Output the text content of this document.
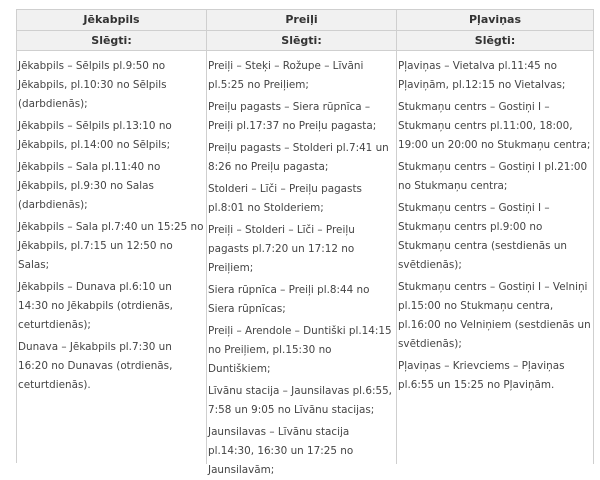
Jēkabpils
Slēgti:

Jēkabpils – Sēlpils pl.9:50 no Jēkabpils, pl.10:30 no Sēlpils (darbdienās);

Jēkabpils – Sēlpils pl.13:10 no Jēkabpils, pl.14:00 no Sēlpils;

Jēkabpils – Sala pl.11:40 no Jēkabpils, pl.9:30 no Salas (darbdienās);

Jēkabpils – Sala pl.7:40 un 15:25 no Jēkabpils, pl.7:15 un 12:50 no Salas;

Jēkabpils – Dunava pl.6:10 un 14:30 no Jēkabpils (otrdienās, ceturtdienās);

Dunava – Jēkabpils pl.7:30 un 16:20 no Dunavas (otrdienās, ceturtdienās).

Preiļi
Slēgti:

Preiļi – Steķi – Rožupe – Līvāni pl.5:25 no Preiļiem;

Preiļu pagasts – Siera rūpnīca – Preiļi pl.17:37 no Preiļu pagasta;

Preiļu pagasts – Stolderi pl.7:41 un 8:26 no Preiļu pagasta;

Stolderi – Līči – Preiļu pagasts pl.8:01 no Stolderiem;

Preiļi – Stolderi – Līči – Preiļu pagasts pl.7:20 un 17:12 no Preiļiem;

Siera rūpnīca – Preiļi pl.8:44 no Siera rūpnīcas;

Preiļi – Arendole – Duntiški pl.14:15 no Preiļiem, pl.15:30 no Duntiškiem;

Līvānu stacija – Jaunsilavas pl.6:55, 7:58 un 9:05 no Līvānu stacijas;

Jaunsilavas – Līvānu stacija pl.14:30, 16:30 un 17:25 no Jaunsilavām;

Pļaviņas
Slēgti:

Pļaviņas – Vietalva pl.11:45 no Pļaviņām, pl.12:15 no Vietalvas;

Stukmaņu centrs – Gostiņi I – Stukmaņu centrs pl.11:00, 18:00, 19:00 un 20:00 no Stukmaņu centra;

Stukmaņu centrs – Gostiņi I pl.21:00 no Stukmaņu centra;

Stukmaņu centrs – Gostiņi I – Stukmaņu centrs pl.9:00 no Stukmaņu centra (sestdienās un svētdienās);

Stukmaņu centrs – Gostiņi I – Velniņi pl.15:00 no Stukmaņu centra, pl.16:00 no Velniņiem (sestdienās un svētdienās);

Pļaviņas – Krievciems – Pļaviņas pl.6:55 un 15:25 no Pļaviņām.
